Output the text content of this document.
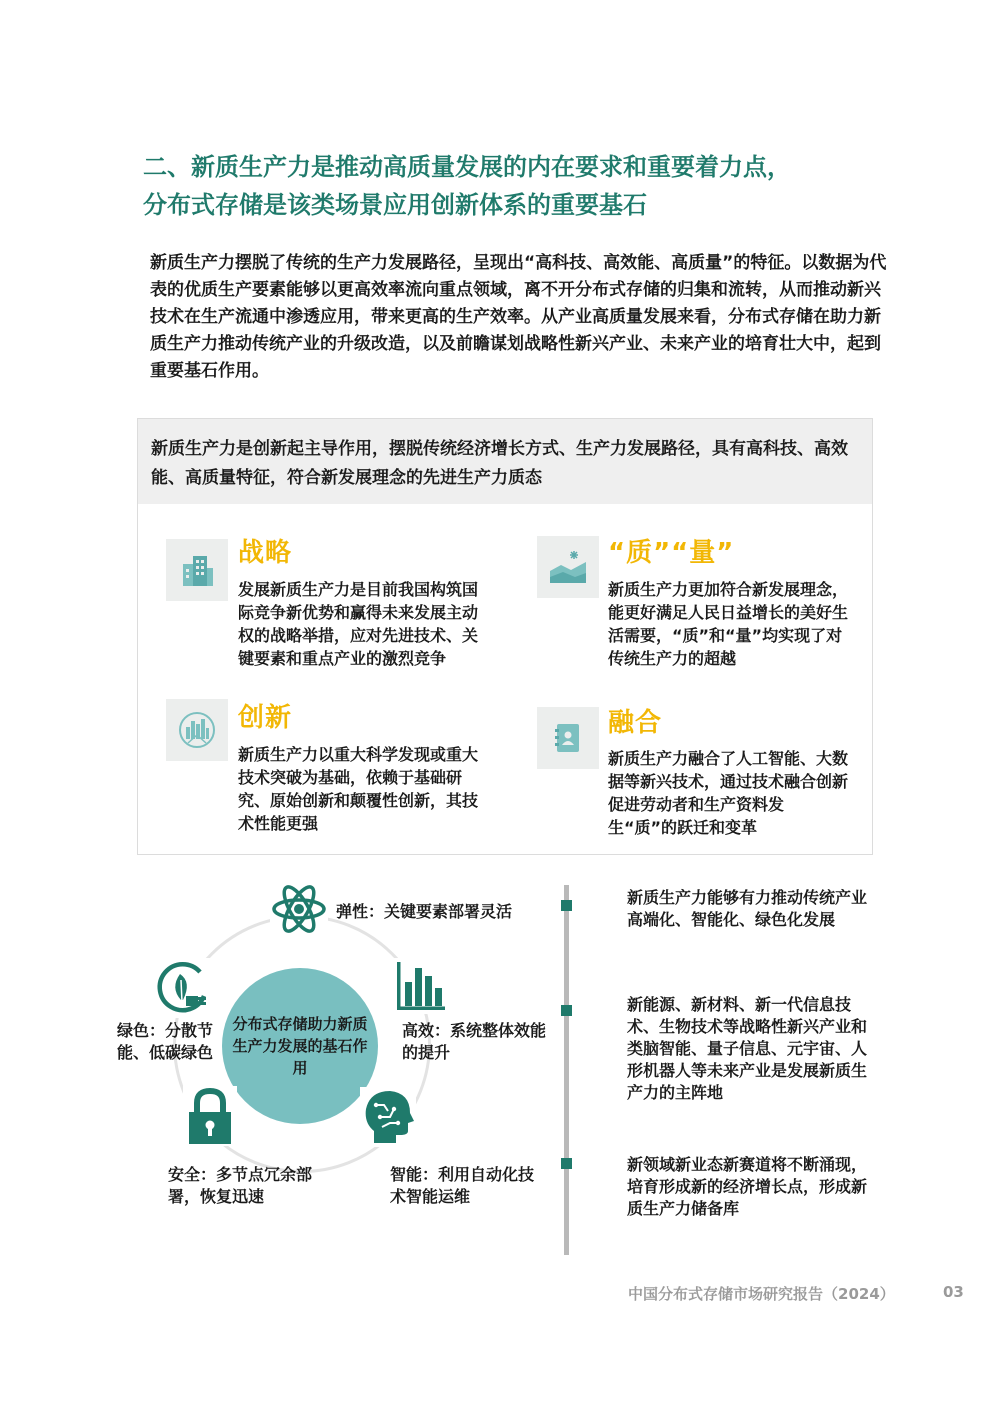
二、新质生产力是推动高质量发展的内在要求和重要着力点，
分布式存储是该类场景应用创新体系的重要基石

新质生产力摆脱了传统的生产力发展路径，呈现出“高科技、高效能、高质量”的特征。以数据为代表的优质生产要素能够以更高效率流向重点领域，离不开分布式存储的归集和流转，从而推动新兴技术在生产流通中渗透应用，带来更高的生产效率。从产业高质量发展来看，分布式存储在助力新质生产力推动传统产业的升级改造，以及前瞻谋划战略性新兴产业、未来产业的培育壮大中，起到重要基石作用。

新质生产力是创新起主导作用，摆脱传统经济增长方式、生产力发展路径，具有高科技、高效能、高质量特征，符合新发展理念的先进生产力质态
战略
发展新质生产力是目前我国构筑国际竞争新优势和赢得未来发展主动权的战略举措，应对先进技术、关键要素和重点产业的激烈竞争
“质”“量”
新质生产力更加符合新发展理念，能更好满足人民日益增长的美好生活需要，“质”和“量”均实现了对传统生产力的超越
创新
新质生产力以重大科学发现或重大技术突破为基础，依赖于基础研究、原始创新和颠覆性创新，其技术性能更强
融合
新质生产力融合了人工智能、大数据等新兴技术，通过技术融合创新促进劳动者和生产资料发生“质”的跃迁和变革
分布式存储助力新质生产力发展的基石作用
弹性：关键要素部署灵活
高效：系统整体效能的提升
智能：利用自动化技术智能运维
安全：多节点冗余部署，恢复迅速
绿色：分散节能、低碳绿色
新质生产力能够有力推动传统产业高端化、智能化、绿色化发展
新能源、新材料、新一代信息技术、生物技术等战略性新兴产业和类脑智能、量子信息、元宇宙、人形机器人等未来产业是发展新质生产力的主阵地
新领域新业态新赛道将不断涌现，培育形成新的经济增长点，形成新质生产力储备库
中国分布式存储市场研究报告（2024）	03
